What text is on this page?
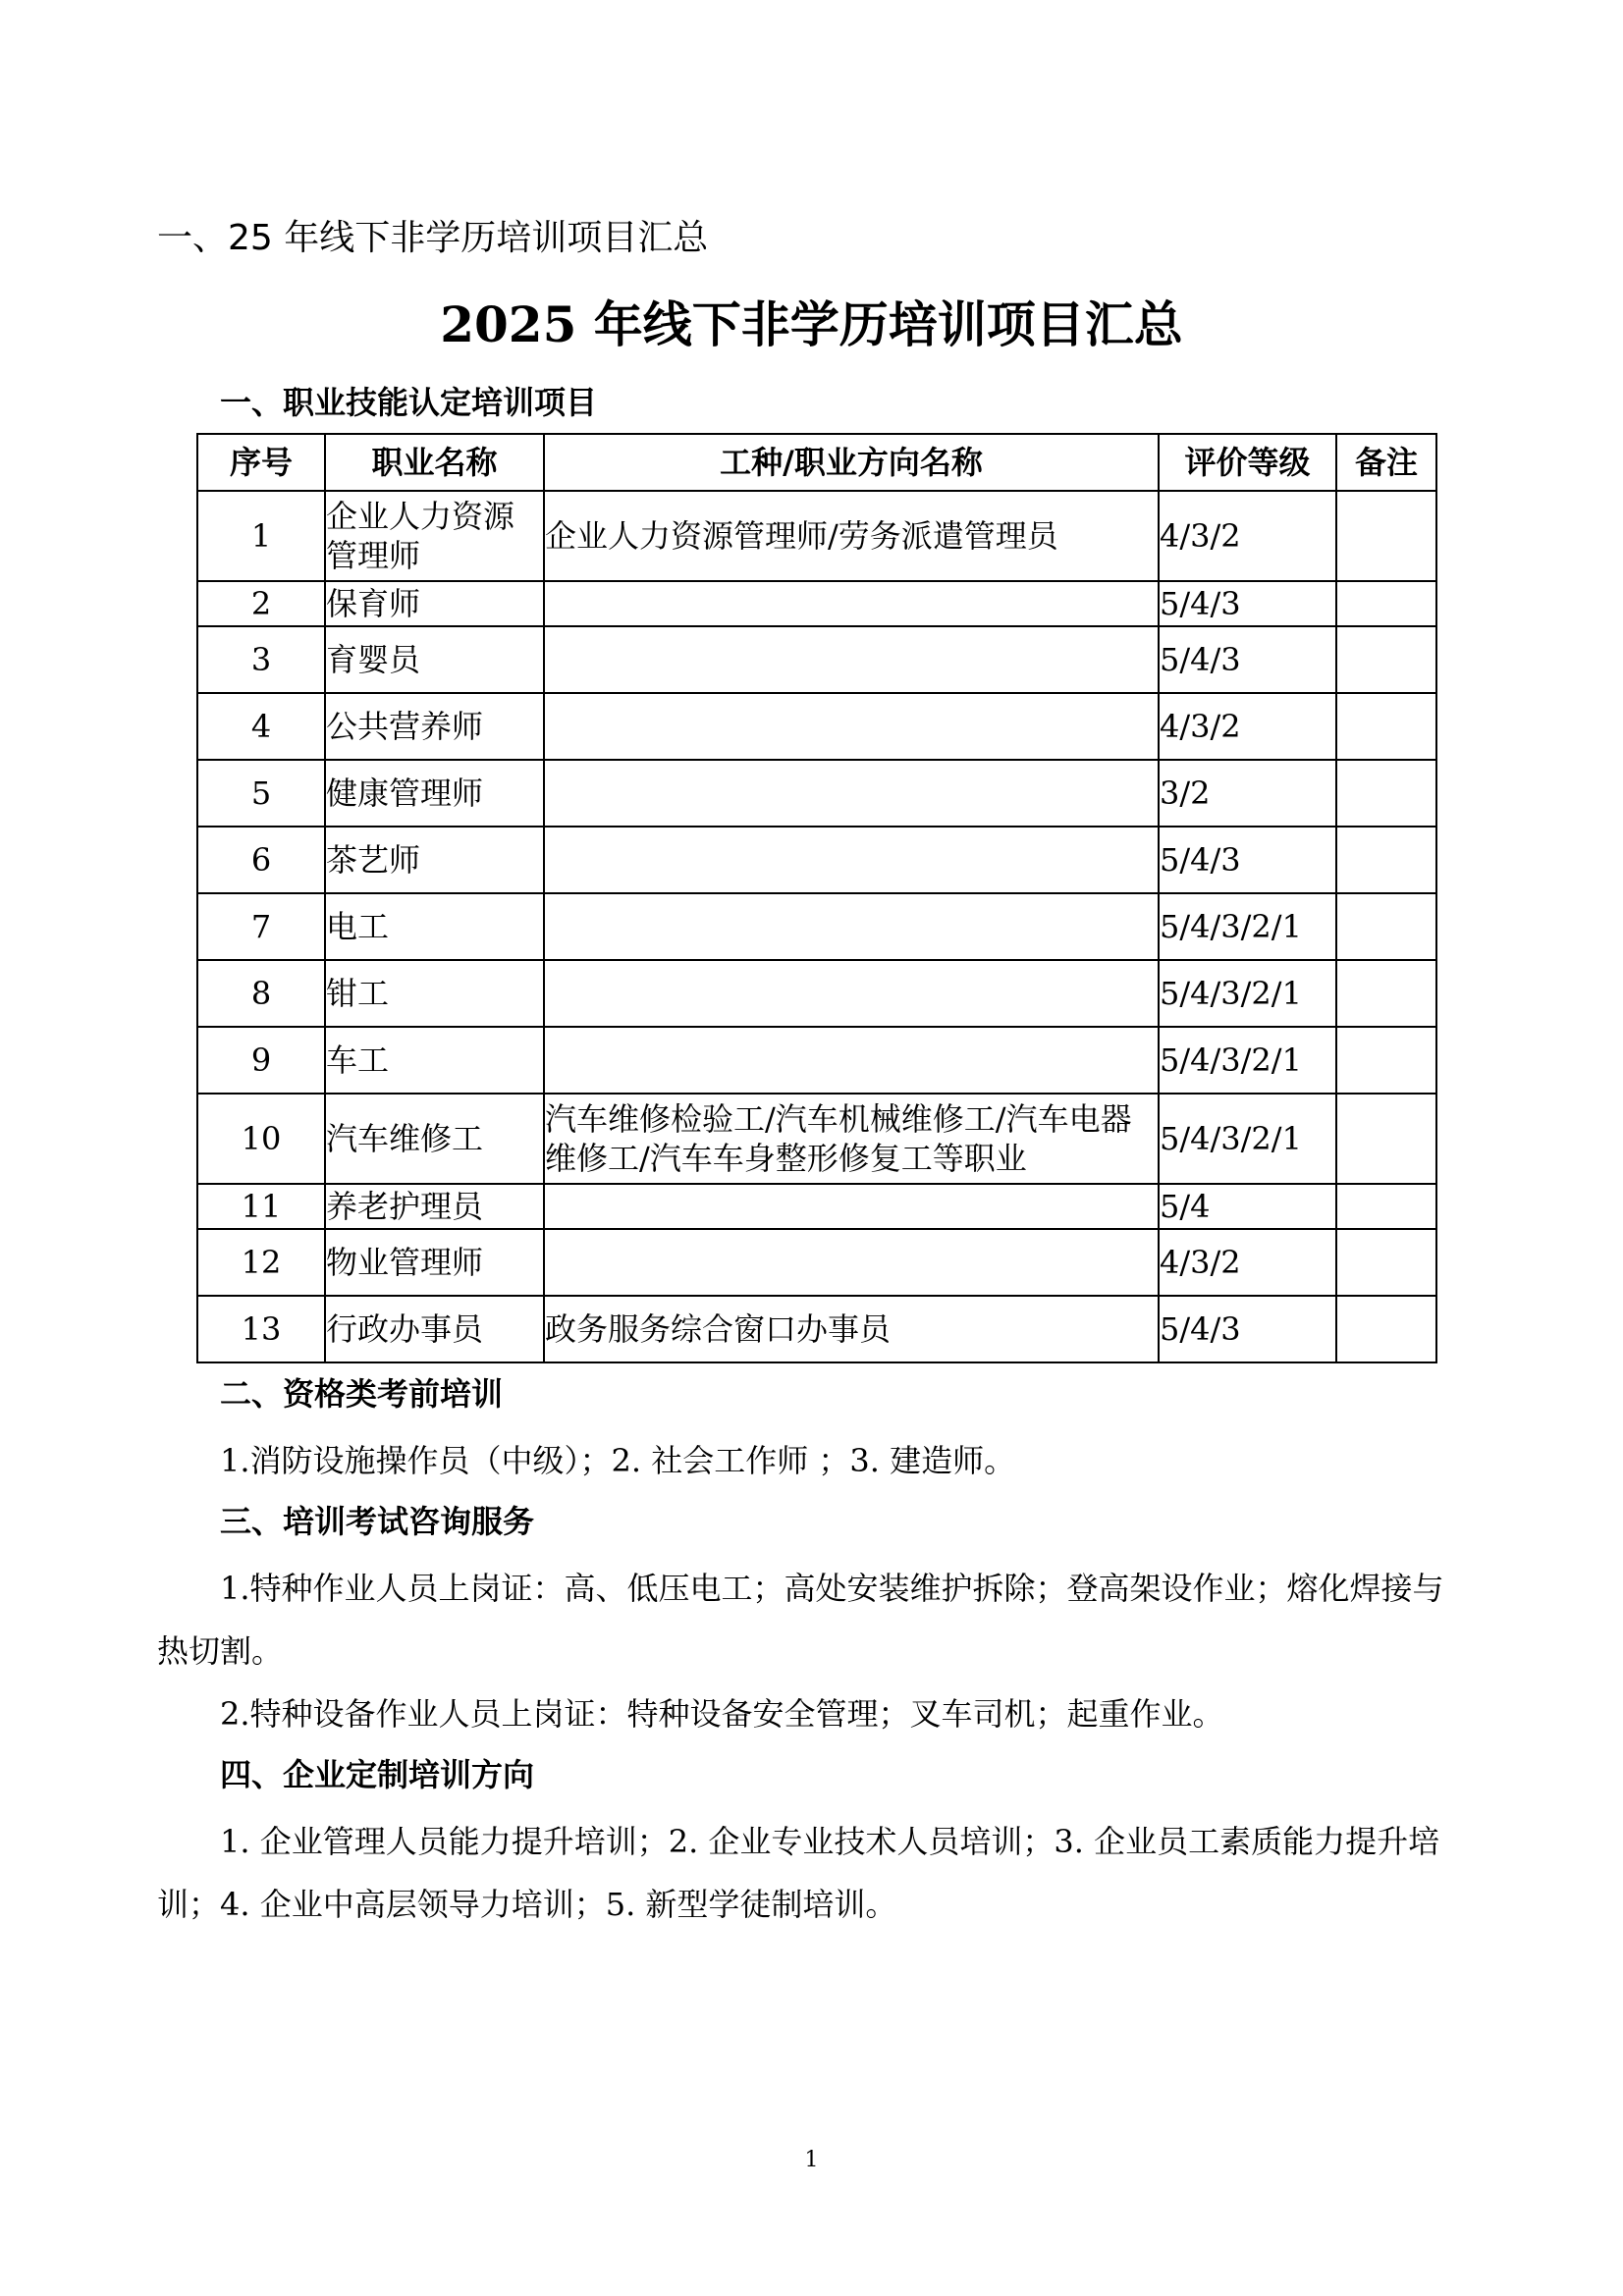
一、25 年线下非学历培训项目汇总
2025 年线下非学历培训项目汇总
一、职业技能认定培训项目
序号	职业名称	工种/职业方向名称	评价等级	备注
1	企业人力资源管理师	企业人力资源管理师/劳务派遣管理员	4/3/2	
2	保育师		5/4/3	
3	育婴员		5/4/3	
4	公共营养师		4/3/2	
5	健康管理师		3/2	
6	茶艺师		5/4/3	
7	电工		5/4/3/2/1	
8	钳工		5/4/3/2/1	
9	车工		5/4/3/2/1	
10	汽车维修工	汽车维修检验工/汽车机械维修工/汽车电器维修工/汽车车身整形修复工等职业	5/4/3/2/1	
11	养老护理员		5/4	
12	物业管理师		4/3/2	
13	行政办事员	政务服务综合窗口办事员	5/4/3	
二、资格类考前培训
1.消防设施操作员（中级）；2. 社会工作师 ；3. 建造师。
三、培训考试咨询服务
1.特种作业人员上岗证：高、低压电工；高处安装维护拆除；登高架设作业；熔化焊接与热切割。
2.特种设备作业人员上岗证：特种设备安全管理；叉车司机；起重作业。
四、企业定制培训方向
1. 企业管理人员能力提升培训；2. 企业专业技术人员培训；3. 企业员工素质能力提升培训；4. 企业中高层领导力培训；5. 新型学徒制培训。
1
